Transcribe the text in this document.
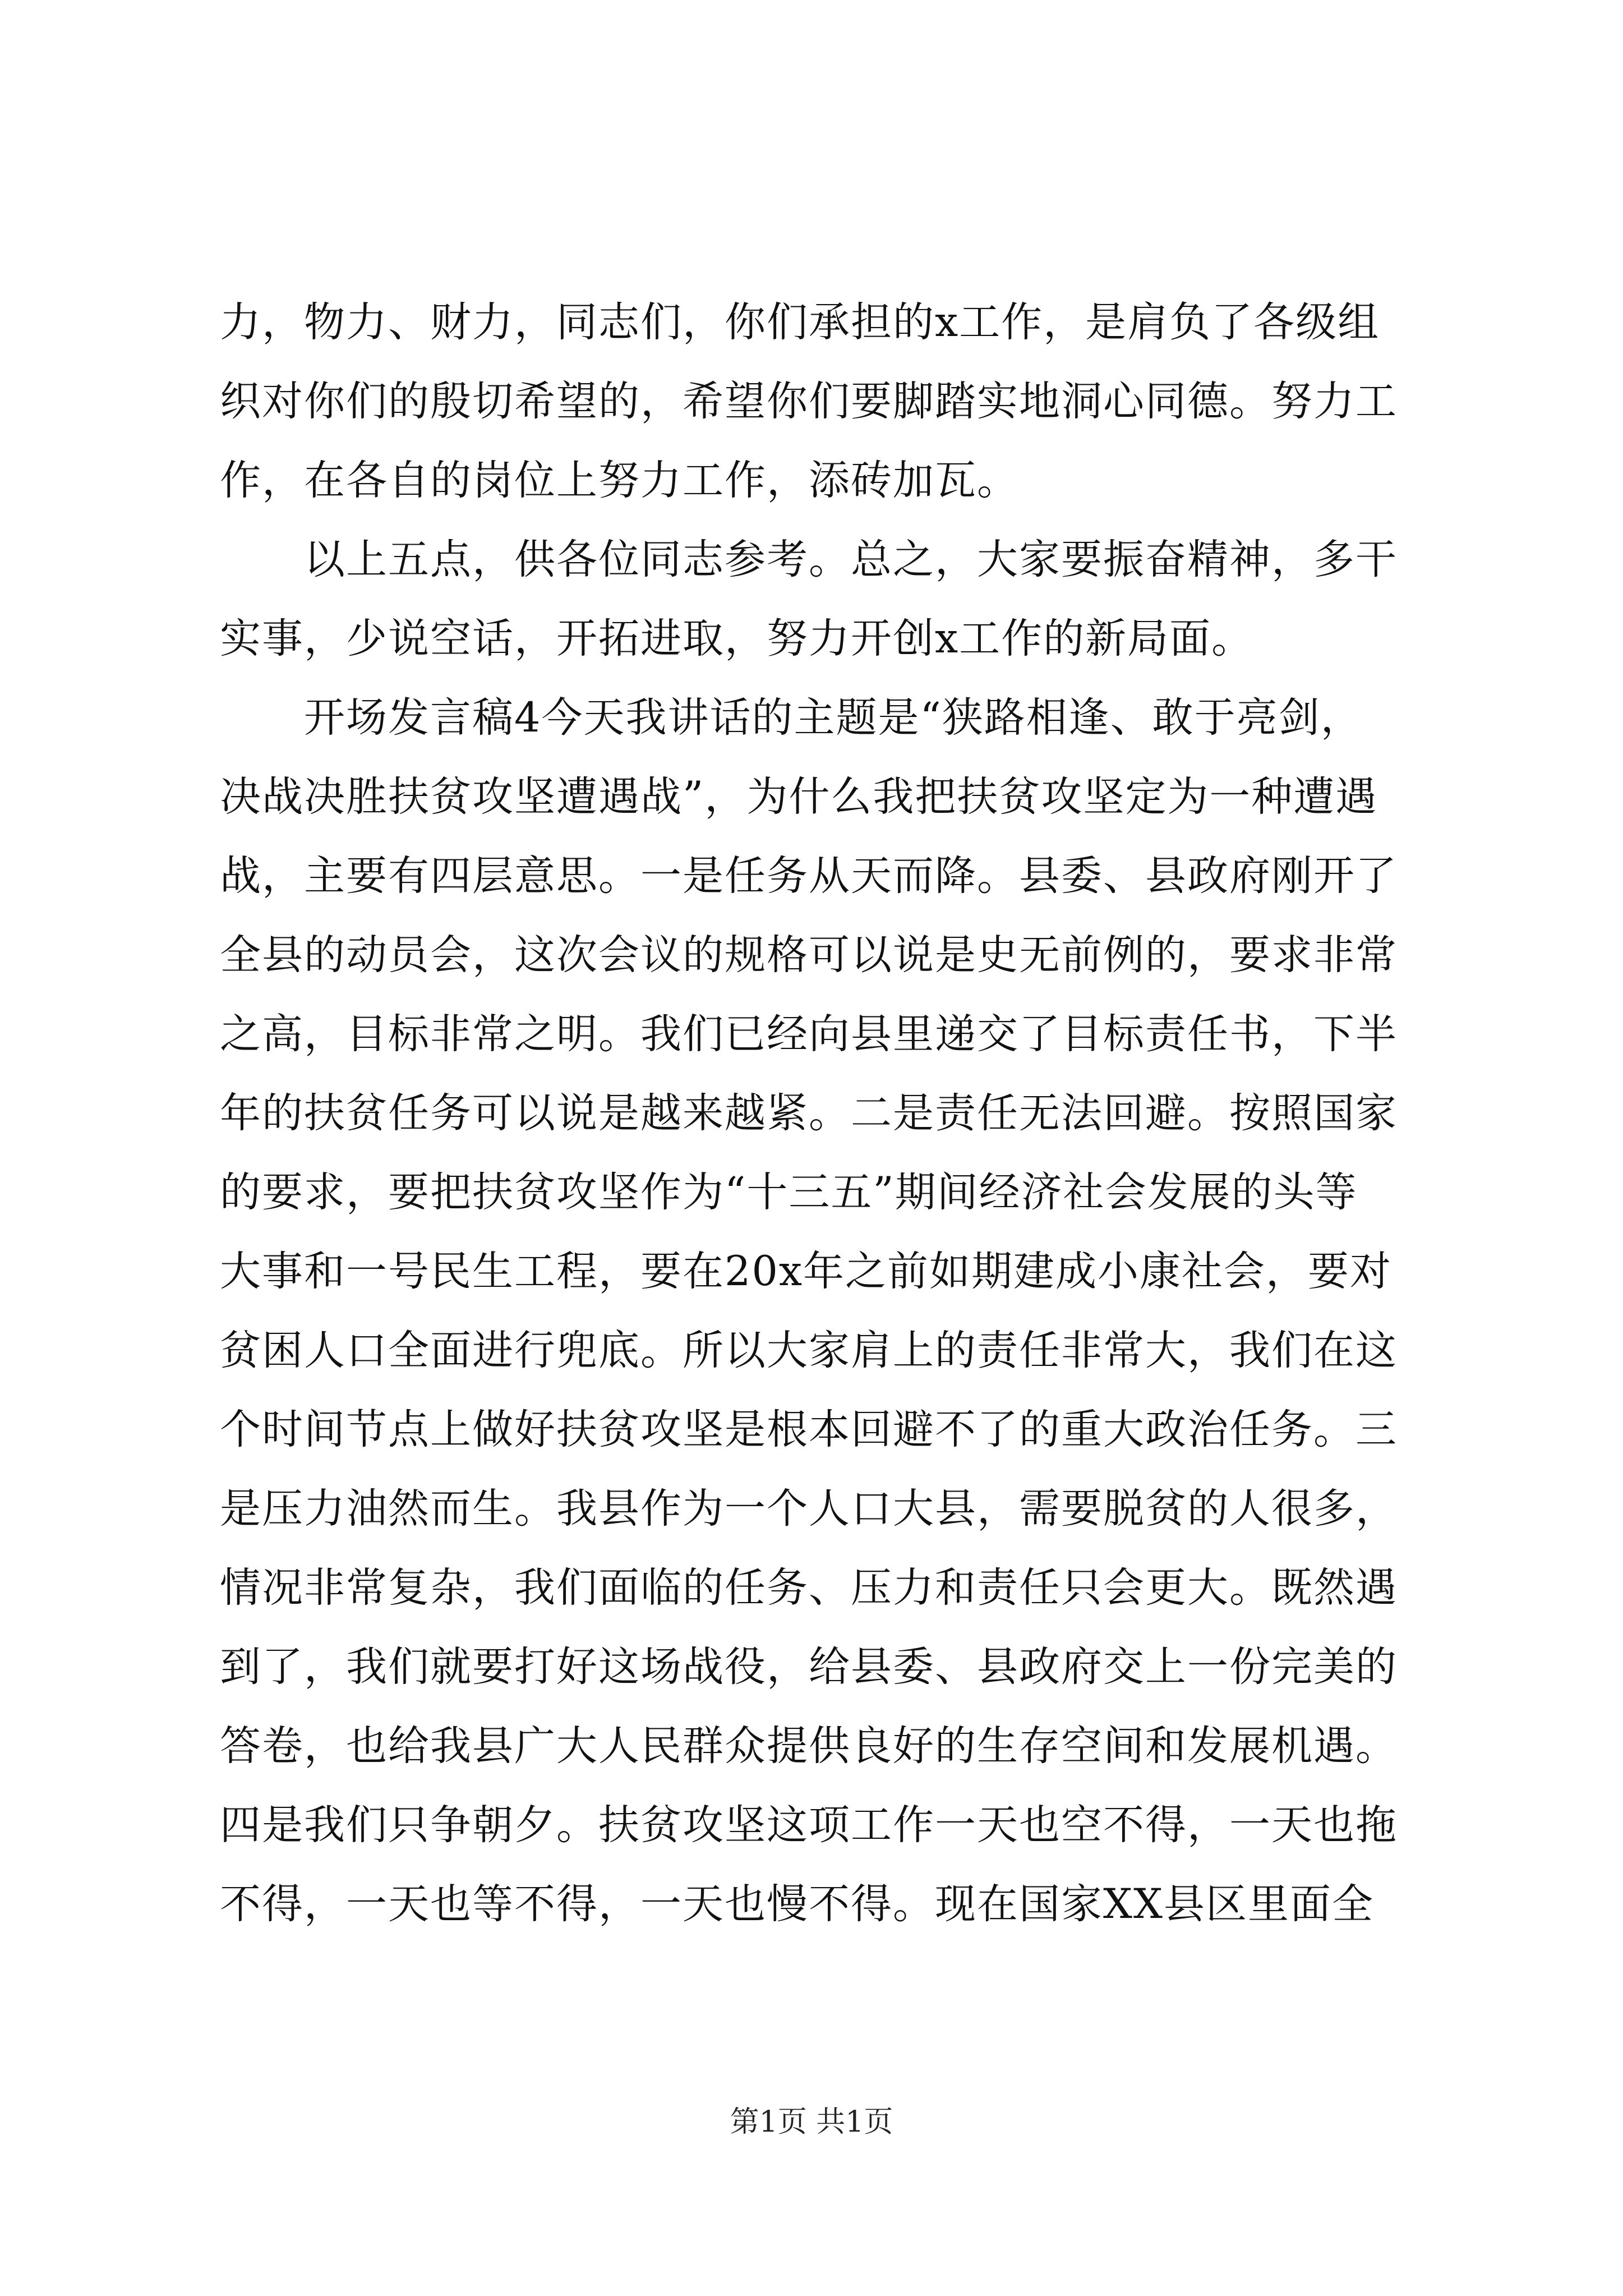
力，物力、财力，同志们，你们承担的x工作，是肩负了各级组
织对你们的殷切希望的，希望你们要脚踏实地洞心同德。努力工
作，在各自的岗位上努力工作，添砖加瓦。
以上五点，供各位同志参考。总之，大家要振奋精神，多干
实事，少说空话，开拓进取，努力开创x工作的新局面。
开场发言稿4今天我讲话的主题是“狭路相逢、敢于亮剑，
决战决胜扶贫攻坚遭遇战”，为什么我把扶贫攻坚定为一种遭遇
战，主要有四层意思。一是任务从天而降。县委、县政府刚开了
全县的动员会，这次会议的规格可以说是史无前例的，要求非常
之高，目标非常之明。我们已经向县里递交了目标责任书，下半
年的扶贫任务可以说是越来越紧。二是责任无法回避。按照国家
的要求，要把扶贫攻坚作为“十三五”期间经济社会发展的头等
大事和一号民生工程，要在20x年之前如期建成小康社会，要对
贫困人口全面进行兜底。所以大家肩上的责任非常大，我们在这
个时间节点上做好扶贫攻坚是根本回避不了的重大政治任务。三
是压力油然而生。我县作为一个人口大县，需要脱贫的人很多，
情况非常复杂，我们面临的任务、压力和责任只会更大。既然遇
到了，我们就要打好这场战役，给县委、县政府交上一份完美的
答卷，也给我县广大人民群众提供良好的生存空间和发展机遇。
四是我们只争朝夕。扶贫攻坚这项工作一天也空不得，一天也拖
不得，一天也等不得，一天也慢不得。现在国家XX县区里面全
第1页 共1页
